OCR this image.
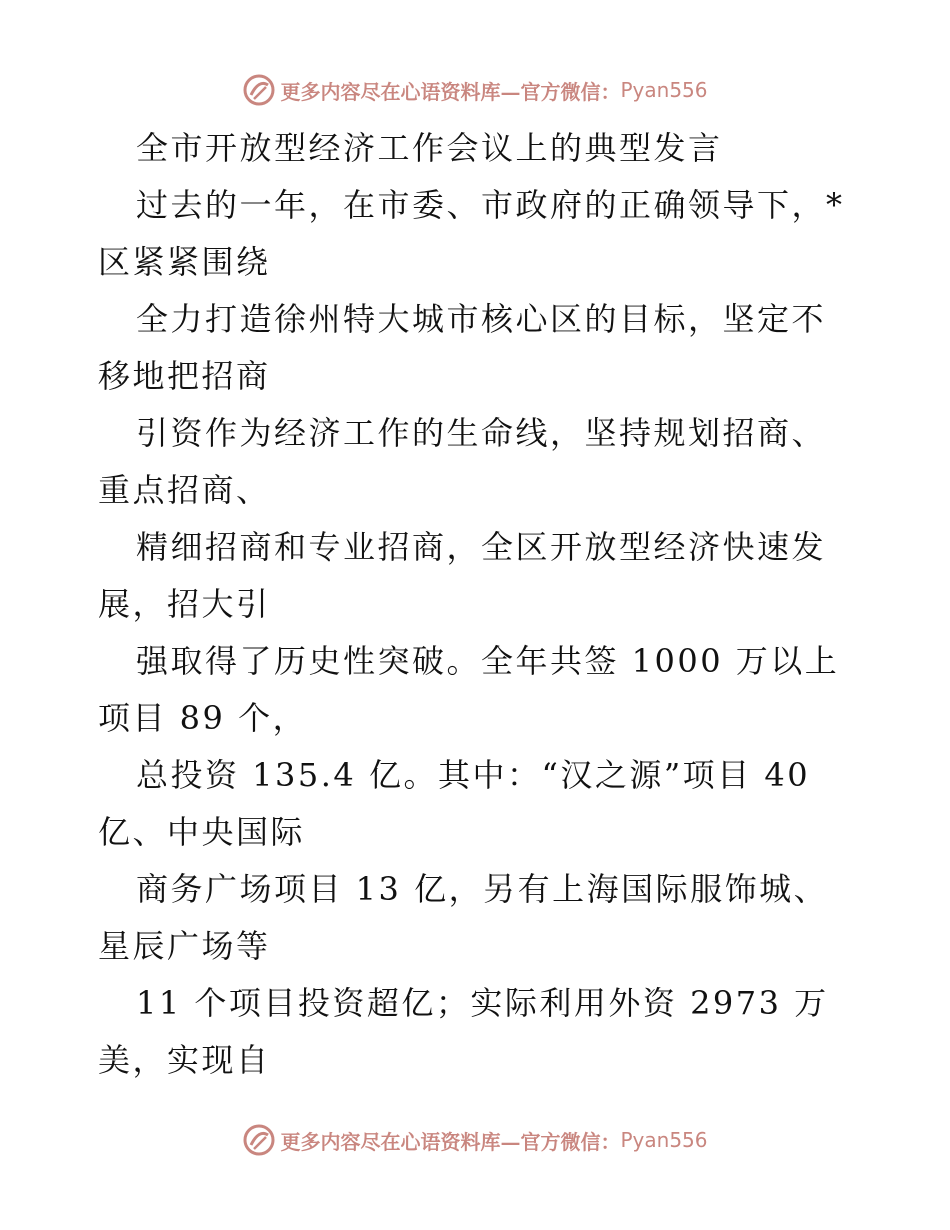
更多内容尽在心语资料库—官方微信： Pyan556

全市开放型经济工作会议上的典型发言

过去的一年，在市委、市政府的正确领导下，*区紧紧围绕

全力打造徐州特大城市核心区的目标，坚定不移地把招商

引资作为经济工作的生命线，坚持规划招商、重点招商、

精细招商和专业招商，全区开放型经济快速发展，招大引

强取得了历史性突破。全年共签 1000 万以上项目 89 个，

总投资 135.4 亿。其中：“汉之源”项目 40 亿、中央国际

商务广场项目 13 亿，另有上海国际服饰城、星辰广场等

11 个项目投资超亿；实际利用外资 2973 万美，实现自

更多内容尽在心语资料库—官方微信： Pyan556
